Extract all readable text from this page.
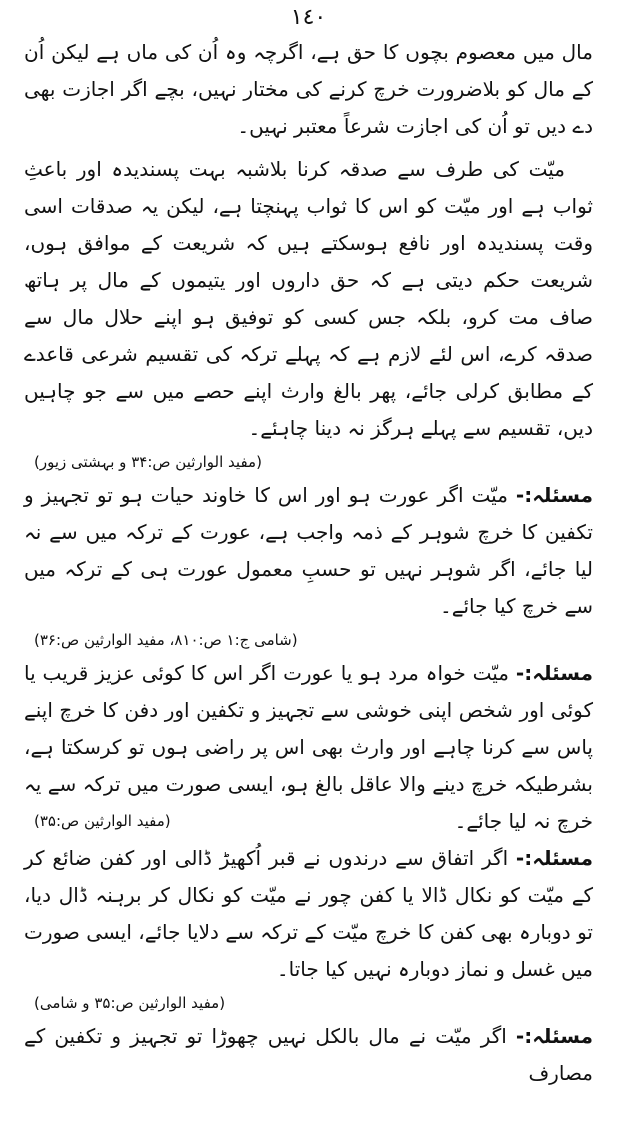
١٤٠

مال میں معصوم بچوں کا حق ہے، اگرچہ وہ اُن کی ماں ہے لیکن اُن کے مال کو بلاضرورت خرچ کرنے کی مختار نہیں، بچے اگر اجازت بھی دے دیں تو اُن کی اجازت شرعاً معتبر نہیں۔

میّت کی طرف سے صدقہ کرنا بلاشبہ بہت پسندیدہ اور باعثِ ثواب ہے اور میّت کو اس کا ثواب پہنچتا ہے، لیکن یہ صدقات اسی وقت پسندیدہ اور نافع ہوسکتے ہیں کہ شریعت کے موافق ہوں، شریعت حکم دیتی ہے کہ حق داروں اور یتیموں کے مال پر ہاتھ صاف مت کرو، بلکہ جس کسی کو توفیق ہو اپنے حلال مال سے صدقہ کرے، اس لئے لازم ہے کہ پہلے ترکہ کی تقسیم شرعی قاعدے کے مطابق کرلی جائے، پھر بالغ وارث اپنے حصے میں سے جو چاہیں دیں، تقسیم سے پہلے ہرگز نہ دینا چاہئے۔

(مفید الوارثین ص:۳۴ و بہشتی زیور)

مسئلہ:- میّت اگر عورت ہو اور اس کا خاوند حیات ہو تو تجہیز و تکفین کا خرچ شوہر کے ذمہ واجب ہے، عورت کے ترکہ میں سے نہ لیا جائے، اگر شوہر نہیں تو حسبِ معمول عورت ہی کے ترکہ میں سے خرچ کیا جائے۔

(شامی ج:۱ ص:۸۱۰، مفید الوارثین ص:۳۶)

مسئلہ:- میّت خواہ مرد ہو یا عورت اگر اس کا کوئی عزیز قریب یا کوئی اور شخص اپنی خوشی سے تجہیز و تکفین اور دفن کا خرچ اپنے پاس سے کرنا چاہے اور وارث بھی اس پر راضی ہوں تو کرسکتا ہے، بشرطیکہ خرچ دینے والا عاقل بالغ ہو، ایسی صورت میں ترکہ سے یہ خرچ نہ لیا جائے۔
(مفید الوارثین ص:۳۵)

مسئلہ:- اگر اتفاق سے درندوں نے قبر اُکھیڑ ڈالی اور کفن ضائع کر کے میّت کو نکال ڈالا یا کفن چور نے میّت کو نکال کر برہنہ ڈال دیا، تو دوبارہ بھی کفن کا خرچ میّت کے ترکہ سے دلایا جائے، ایسی صورت میں غسل و نماز دوبارہ نہیں کیا جاتا۔

(مفید الوارثین ص:۳۵ و شامی)

مسئلہ:- اگر میّت نے مال بالکل نہیں چھوڑا تو تجہیز و تکفین کے مصارف
